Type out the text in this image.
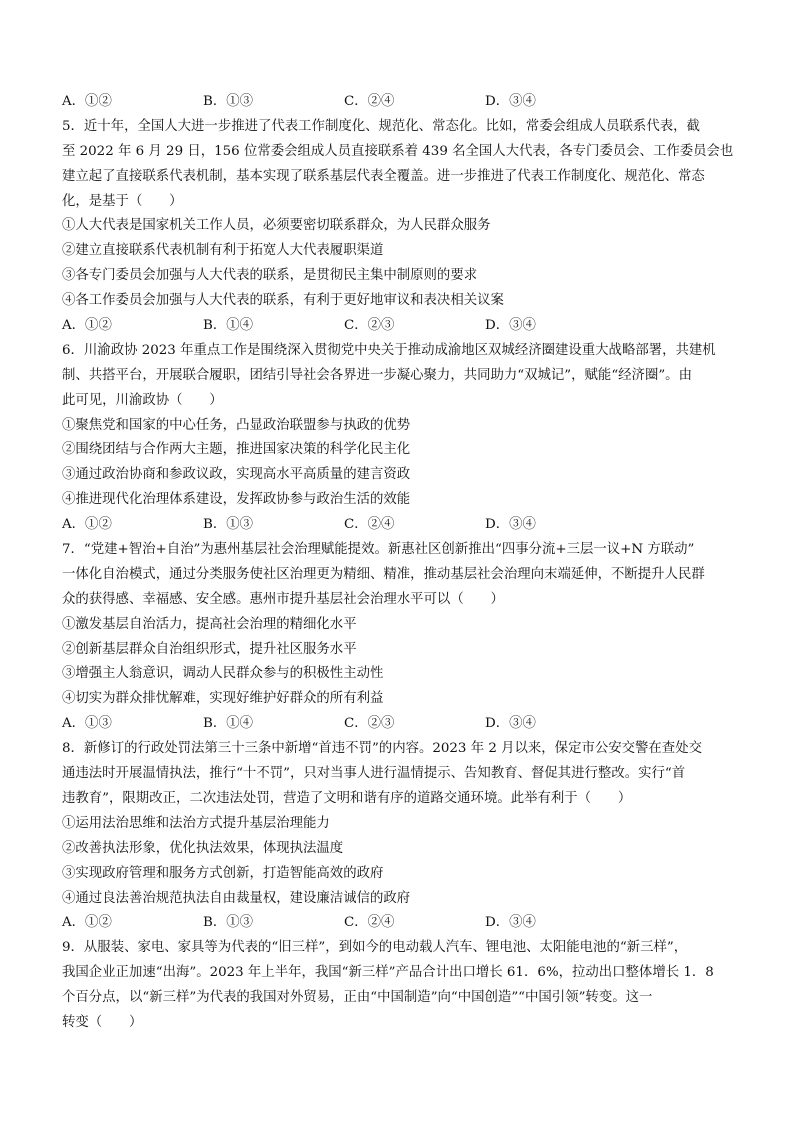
A．①②	B．①③	C．②④	D．③④
5．近十年，全国人大进一步推进了代表工作制度化、规范化、常态化。比如，常委会组成人员联系代表，截
至 2022 年 6 月 29 日，156 位常委会组成人员直接联系着 439 名全国人大代表，各专门委员会、工作委员会也
建立起了直接联系代表机制，基本实现了联系基层代表全覆盖。进一步推进了代表工作制度化、规范化、常态
化，是基于（　　）
①人大代表是国家机关工作人员，必须要密切联系群众，为人民群众服务
②建立直接联系代表机制有利于拓宽人大代表履职渠道
③各专门委员会加强与人大代表的联系，是贯彻民主集中制原则的要求
④各工作委员会加强与人大代表的联系，有利于更好地审议和表决相关议案
A．①②	B．①④	C．②③	D．③④
6．川渝政协 2023 年重点工作是围绕深入贯彻党中央关于推动成渝地区双城经济圈建设重大战略部署，共建机
制、共搭平台，开展联合履职，团结引导社会各界进一步凝心聚力，共同助力“双城记”，赋能“经济圈”。由
此可见，川渝政协（　　）
①聚焦党和国家的中心任务，凸显政治联盟参与执政的优势
②围绕团结与合作两大主题，推进国家决策的科学化民主化
③通过政治协商和参政议政，实现高水平高质量的建言资政
④推进现代化治理体系建设，发挥政协参与政治生活的效能
A．①②	B．①③	C．②④	D．③④
7．“党建+智治+自治”为惠州基层社会治理赋能提效。新惠社区创新推出“四事分流+三层一议+N 方联动”
一体化自治模式，通过分类服务使社区治理更为精细、精准，推动基层社会治理向末端延伸，不断提升人民群
众的获得感、幸福感、安全感。惠州市提升基层社会治理水平可以（　　）
①激发基层自治活力，提高社会治理的精细化水平
②创新基层群众自治组织形式，提升社区服务水平
③增强主人翁意识，调动人民群众参与的积极性主动性
④切实为群众排忧解难，实现好维护好群众的所有利益
A．①③	B．①④	C．②③	D．③④
8．新修订的行政处罚法第三十三条中新增“首违不罚”的内容。2023 年 2 月以来，保定市公安交警在查处交
通违法时开展温情执法，推行“十不罚”，只对当事人进行温情提示、告知教育、督促其进行整改。实行“首
违教育”，限期改正，二次违法处罚，营造了文明和谐有序的道路交通环境。此举有利于（　　）
①运用法治思维和法治方式提升基层治理能力
②改善执法形象，优化执法效果，体现执法温度
③实现政府管理和服务方式创新，打造智能高效的政府
④通过良法善治规范执法自由裁量权，建设廉洁诚信的政府
A．①②	B．①③	C．②④	D．③④
9．从服装、家电、家具等为代表的“旧三样”，到如今的电动载人汽车、锂电池、太阳能电池的“新三样”，
我国企业正加速“出海”。2023 年上半年，我国“新三样”产品合计出口增长 61．6%，拉动出口整体增长 1．8
个百分点，以“新三样”为代表的我国对外贸易，正由“中国制造”向“中国创造”“中国引领”转变。这一
转变（　　）
